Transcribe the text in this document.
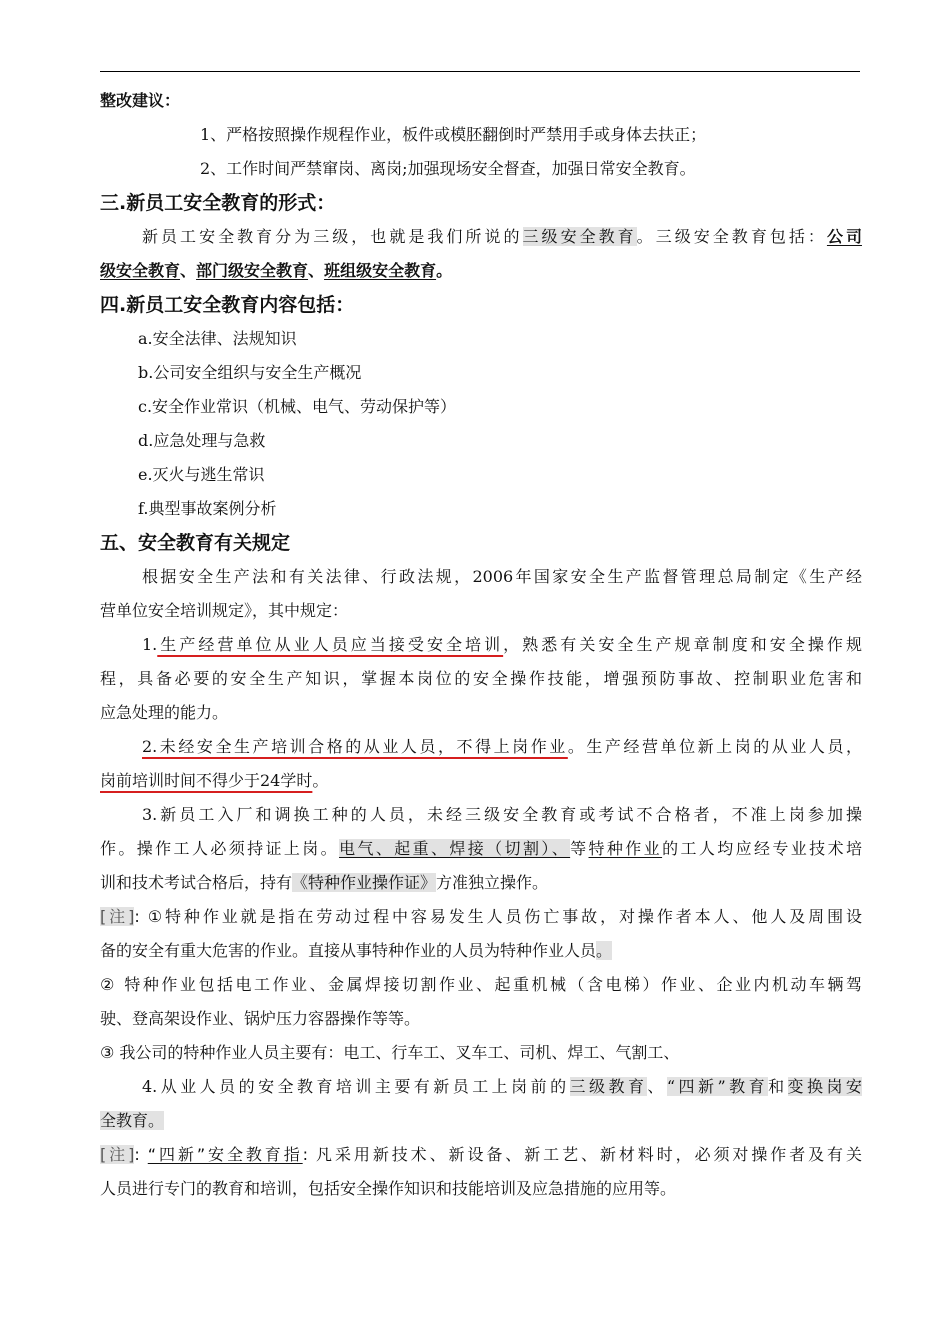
整改建议：
1、严格按照操作规程作业，板件或模胚翻倒时严禁用手或身体去扶正；
2、工作时间严禁窜岗、离岗;加强现场安全督查，加强日常安全教育。
三.新员工安全教育的形式：
新员工安全教育分为三级，也就是我们所说的三级安全教育。三级安全教育包括：公司
级安全教育、部门级安全教育、班组级安全教育。
四.新员工安全教育内容包括：
a.安全法律、法规知识
b.公司安全组织与安全生产概况
c.安全作业常识（机械、电气、劳动保护等）
d.应急处理与急救
e.灭火与逃生常识
f.典型事故案例分析
五、安全教育有关规定
根据安全生产法和有关法律、行政法规，2006年国家安全生产监督管理总局制定《生产经
营单位安全培训规定》，其中规定：
1.生产经营单位从业人员应当接受安全培训，熟悉有关安全生产规章制度和安全操作规
程，具备必要的安全生产知识，掌握本岗位的安全操作技能，增强预防事故、控制职业危害和
应急处理的能力。
2.未经安全生产培训合格的从业人员，不得上岗作业。生产经营单位新上岗的从业人员，
岗前培训时间不得少于24学时。
3.新员工入厂和调换工种的人员，未经三级安全教育或考试不合格者，不准上岗参加操
作。操作工人必须持证上岗。电气、起重、焊接（切割）、等特种作业的工人均应经专业技术培
训和技术考试合格后，持有《特种作业操作证》方准独立操作。
[注]: ①特种作业就是指在劳动过程中容易发生人员伤亡事故，对操作者本人、他人及周围设
备的安全有重大危害的作业。直接从事特种作业的人员为特种作业人员。
② 特种作业包括电工作业、金属焊接切割作业、起重机械（含电梯）作业、企业内机动车辆驾
驶、登高架设作业、锅炉压力容器操作等等。
③ 我公司的特种作业人员主要有：电工、行车工、叉车工、司机、焊工、气割工、
4.从业人员的安全教育培训主要有新员工上岗前的三级教育、“四新”教育和变换岗安
全教育。
[注]: “四新”安全教育指: 凡采用新技术、新设备、新工艺、新材料时，必须对操作者及有关
人员进行专门的教育和培训，包括安全操作知识和技能培训及应急措施的应用等。
